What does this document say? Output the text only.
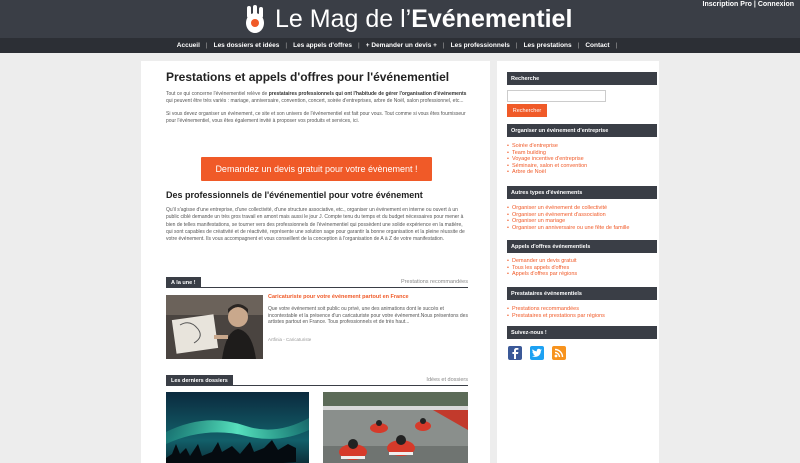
Inscription Pro | Connexion
Le Mag de l’Evénementiel
Accueil | Les dossiers et idées | Les appels d'offres | + Demander un devis + | Les professionnels | Les prestations | Contact |
Prestations et appels d'offres pour l'événementiel

Tout ce qui concerne l'événementiel relève de prestataires professionnels qui ont l'habitude de gérer l'organisation d'événements qui peuvent être très variés : mariage, anniversaire, convention, concert, soirée d'entreprises, arbre de Noël, salon professionnel, etc...

Si vous devez organiser un événement, ce site et son univers de l'événementiel est fait pour vous. Tout comme si vous êtes fournisseur pour l'événementiel, vous êtes également invité à proposer vos produits et services, ici.

Demandez un devis gratuit pour votre évènement !
Des professionnels de l'événementiel pour votre événement

Qu'il s'agisse d'une entreprise, d'une collectivité, d'une structure associative, etc., organiser un événement en interne ou ouvert à un public ciblé demande un très gros travail en amont mais aussi le jour J. Compte tenu du temps et du budget nécessaires pour mener à bien de telles manifestations, se tourner vers des professionnels de l'événementiel qui possèdent une solide expérience en la matière, qui sont capables de créativité et de réactivité, représente une solution sage pour garantir la bonne organisation et la pleine réussite de votre événement. Ils vous accompagnent et vous conseillent de la conception à l'organisation de A à Z de votre manifestation.

A la une !	Prestations recommandées
Caricaturiste pour votre événement partout en France
Que votre événement soit public ou privé, une des animations dont le succès et incontestable et la présence d'un caricaturiste pour votre événement.Nous présentons des artistes partout en France. Tous professionnels et de très haut...
Artfinia - Caricaturiste
Les derniers dossiers	Idées et dossiers
Recherche
Rechercher
Organiser un événement d'entreprise
• Soirée d'entreprise
• Team building
• Voyage incentive d'entreprise
• Séminaire, salon et convention
• Arbre de Noël
Autres types d'événements
• Organiser un événement de collectivité
• Organiser un événement d'association
• Organiser un mariage
• Organiser un anniversaire ou une fête de famille
Appels d'offres événementiels
• Demander un devis gratuit
• Tous les appels d'offres
• Appels d'offres par régions
Prestataires événementiels
• Prestations recommandées
• Prestataires et prestations par régions
Suivez-nous !
